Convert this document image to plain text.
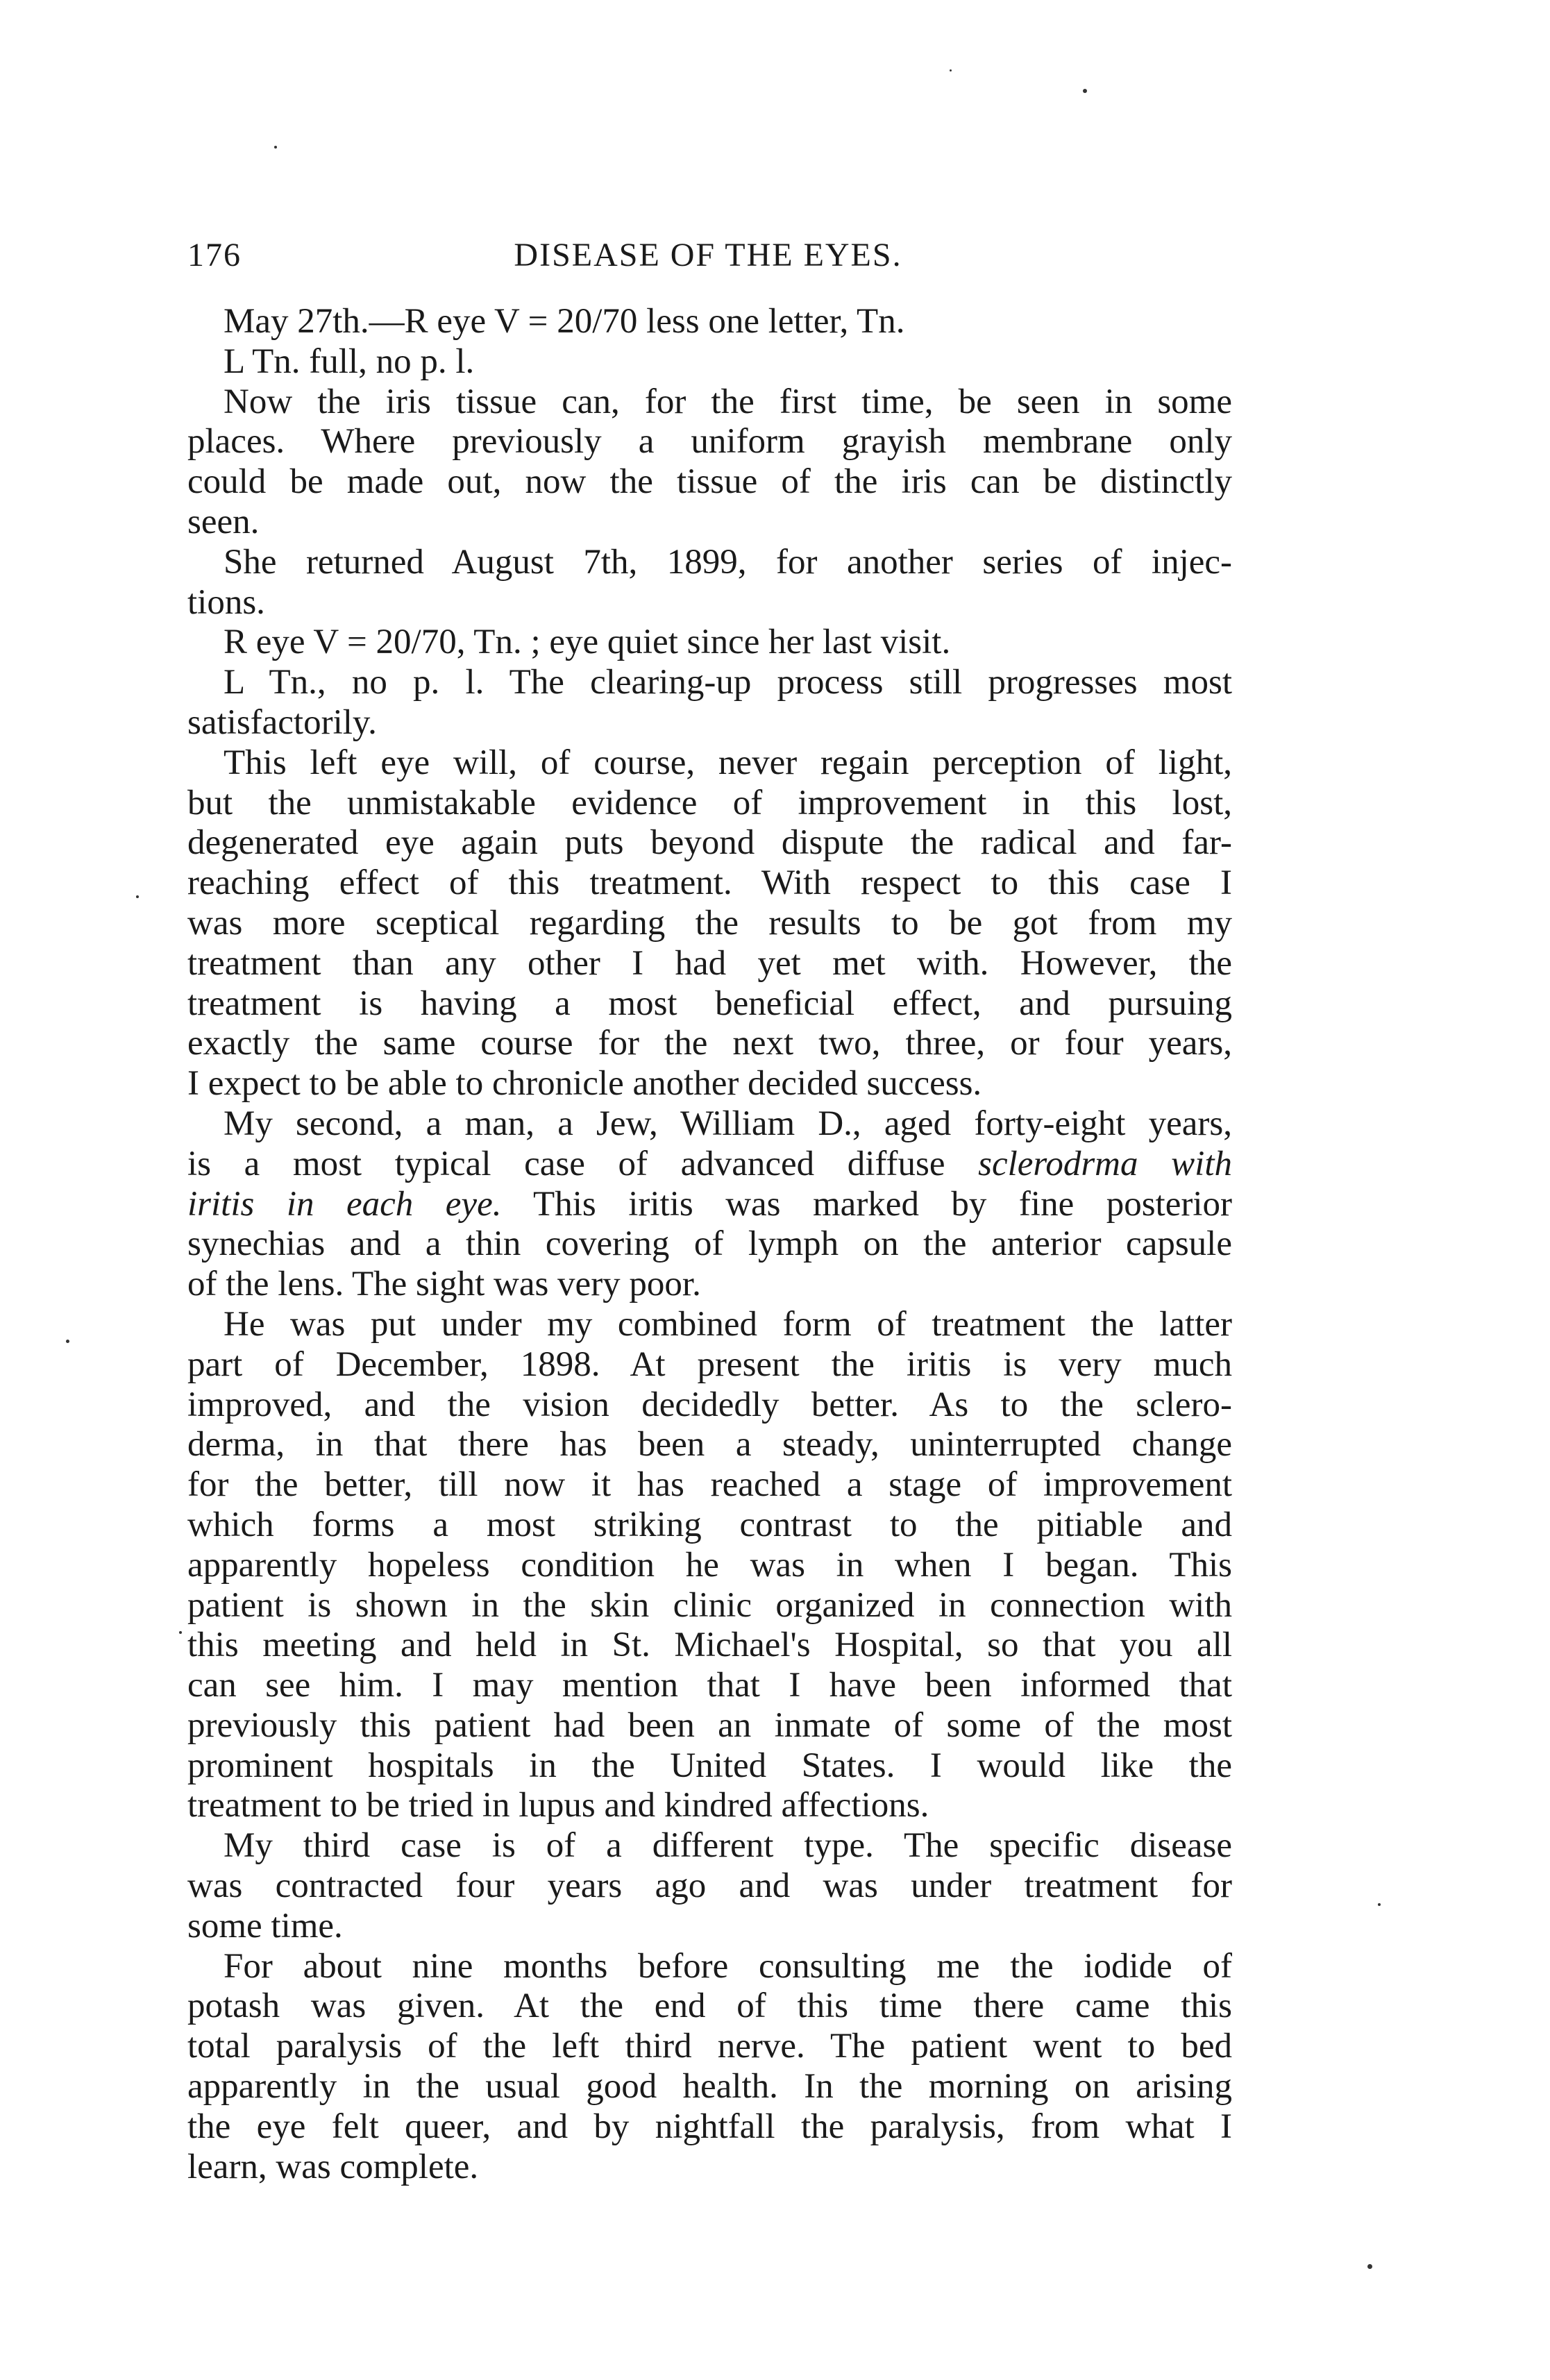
176	DISEASE OF THE EYES.
May 27th.—R eye V = 20/70 less one letter, Tn.
L Tn. full, no p. l.
Now the iris tissue can, for the first time, be seen in some
places. Where previously a uniform grayish membrane only
could be made out, now the tissue of the iris can be distinctly
seen.
She returned August 7th, 1899, for another series of injec-
tions.
R eye V = 20/70, Tn. ; eye quiet since her last visit.
L Tn., no p. l. The clearing-up process still progresses most
satisfactorily.
This left eye will, of course, never regain perception of light,
but the unmistakable evidence of improvement in this lost,
degenerated eye again puts beyond dispute the radical and far-
reaching effect of this treatment. With respect to this case I
was more sceptical regarding the results to be got from my
treatment than any other I had yet met with. However, the
treatment is having a most beneficial effect, and pursuing
exactly the same course for the next two, three, or four years,
I expect to be able to chronicle another decided success.
My second, a man, a Jew, William D., aged forty-eight years,
is a most typical case of advanced diffuse sclerodrma with
iritis in each eye. This iritis was marked by fine posterior
synechias and a thin covering of lymph on the anterior capsule
of the lens. The sight was very poor.
He was put under my combined form of treatment the latter
part of December, 1898. At present the iritis is very much
improved, and the vision decidedly better. As to the sclero-
derma, in that there has been a steady, uninterrupted change
for the better, till now it has reached a stage of improvement
which forms a most striking contrast to the pitiable and
apparently hopeless condition he was in when I began. This
patient is shown in the skin clinic organized in connection with
this meeting and held in St. Michael's Hospital, so that you all
can see him. I may mention that I have been informed that
previously this patient had been an inmate of some of the most
prominent hospitals in the United States. I would like the
treatment to be tried in lupus and kindred affections.
My third case is of a different type. The specific disease
was contracted four years ago and was under treatment for
some time.
For about nine months before consulting me the iodide of
potash was given. At the end of this time there came this
total paralysis of the left third nerve. The patient went to bed
apparently in the usual good health. In the morning on arising
the eye felt queer, and by nightfall the paralysis, from what I
learn, was complete.
